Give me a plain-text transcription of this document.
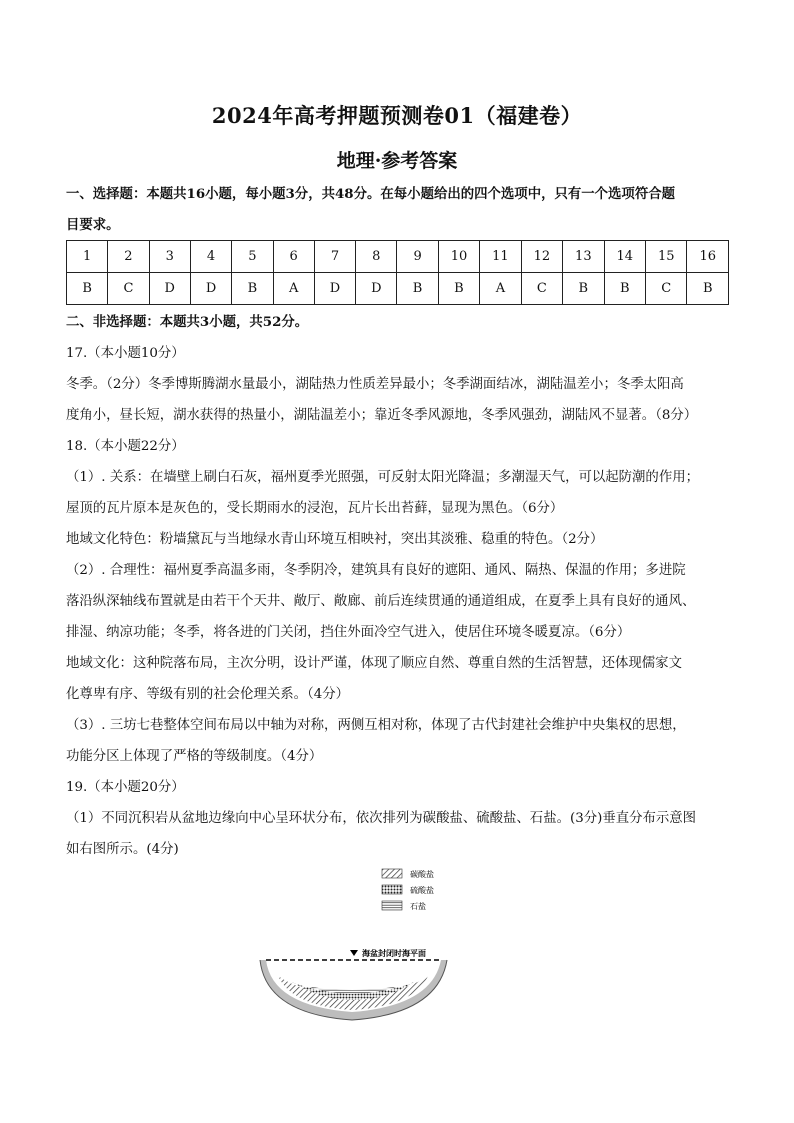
2024年高考押题预测卷01（福建卷）
地理·参考答案

一、选择题：本题共16小题，每小题3分，共48分。在每小题给出的四个选项中，只有一个选项符合题

目要求。

1	2	3	4	5	6	7	8	9	10	11	12	13	14	15	16
B	C	D	D	B	A	D	D	B	B	A	C	B	B	C	B

二、非选择题：本题共3小题，共52分。

17.（本小题10分）

冬季。（2分）冬季博斯腾湖水量最小，湖陆热力性质差异最小；冬季湖面结冰，湖陆温差小；冬季太阳高

度角小，昼长短，湖水获得的热量小，湖陆温差小；靠近冬季风源地，冬季风强劲，湖陆风不显著。（8分）

18.（本小题22分）

（1）. 关系：在墙壁上刷白石灰，福州夏季光照强，可反射太阳光降温；多潮湿天气，可以起防潮的作用；

屋顶的瓦片原本是灰色的，受长期雨水的浸泡，瓦片长出苔藓，显现为黑色。（6分）

地域文化特色：粉墙黛瓦与当地绿水青山环境互相映衬，突出其淡雅、稳重的特色。（2分）

（2）. 合理性：福州夏季高温多雨，冬季阴冷，建筑具有良好的遮阳、通风、隔热、保温的作用；多进院

落沿纵深轴线布置就是由若干个天井、敞厅、敞廊、前后连续贯通的通道组成，在夏季上具有良好的通风、

排湿、纳凉功能；冬季，将各进的门关闭，挡住外面冷空气进入，使居住环境冬暖夏凉。（6分）

地域文化：这种院落布局，主次分明，设计严谨，体现了顺应自然、尊重自然的生活智慧，还体现儒家文

化尊卑有序、等级有别的社会伦理关系。（4分）

（3）. 三坊七巷整体空间布局以中轴为对称，两侧互相对称，体现了古代封建社会维护中央集权的思想，

功能分区上体现了严格的等级制度。（4分）

19.（本小题20分）

（1）不同沉积岩从盆地边缘向中心呈环状分布，依次排列为碳酸盐、硫酸盐、石盐。(3分)垂直分布示意图

如右图所示。(4分)

碳酸盐
硫酸盐
石盐
海盆封闭时海平面
